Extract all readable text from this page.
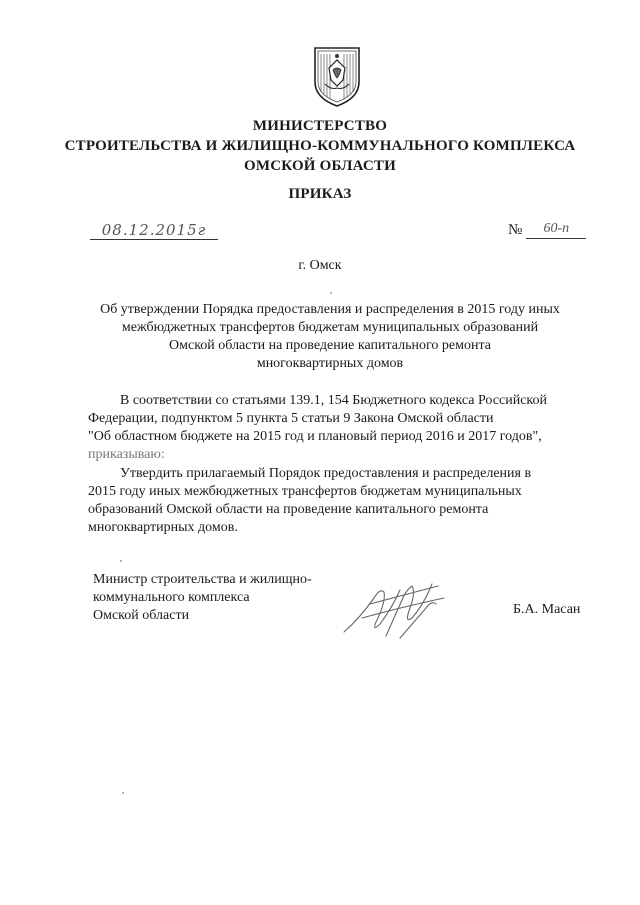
МИНИСТЕРСТВО
СТРОИТЕЛЬСТВА И ЖИЛИЩНО-КОММУНАЛЬНОГО КОМПЛЕКСА
ОМСКОЙ ОБЛАСТИ
ПРИКАЗ
08.12.2015г	№	60-п
г. Омск
Об утверждении Порядка предоставления и распределения в 2015 году иных
межбюджетных трансфертов бюджетам муниципальных образований
Омской области на проведение капитального ремонта
многоквартирных домов
В соответствии со статьями 139.1, 154 Бюджетного кодекса Российской
Федерации, подпунктом 5 пункта 5 статьи 9 Закона Омской области
"Об областном бюджете на 2015 год и плановый период 2016 и 2017 годов",
приказываю:
Утвердить прилагаемый Порядок предоставления и распределения в
2015 году иных межбюджетных трансфертов бюджетам муниципальных
образований Омской области на проведение капитального ремонта
многоквартирных домов.
Министр строительства и жилищно-
коммунального комплекса
Омской области	Б.А. Масан
